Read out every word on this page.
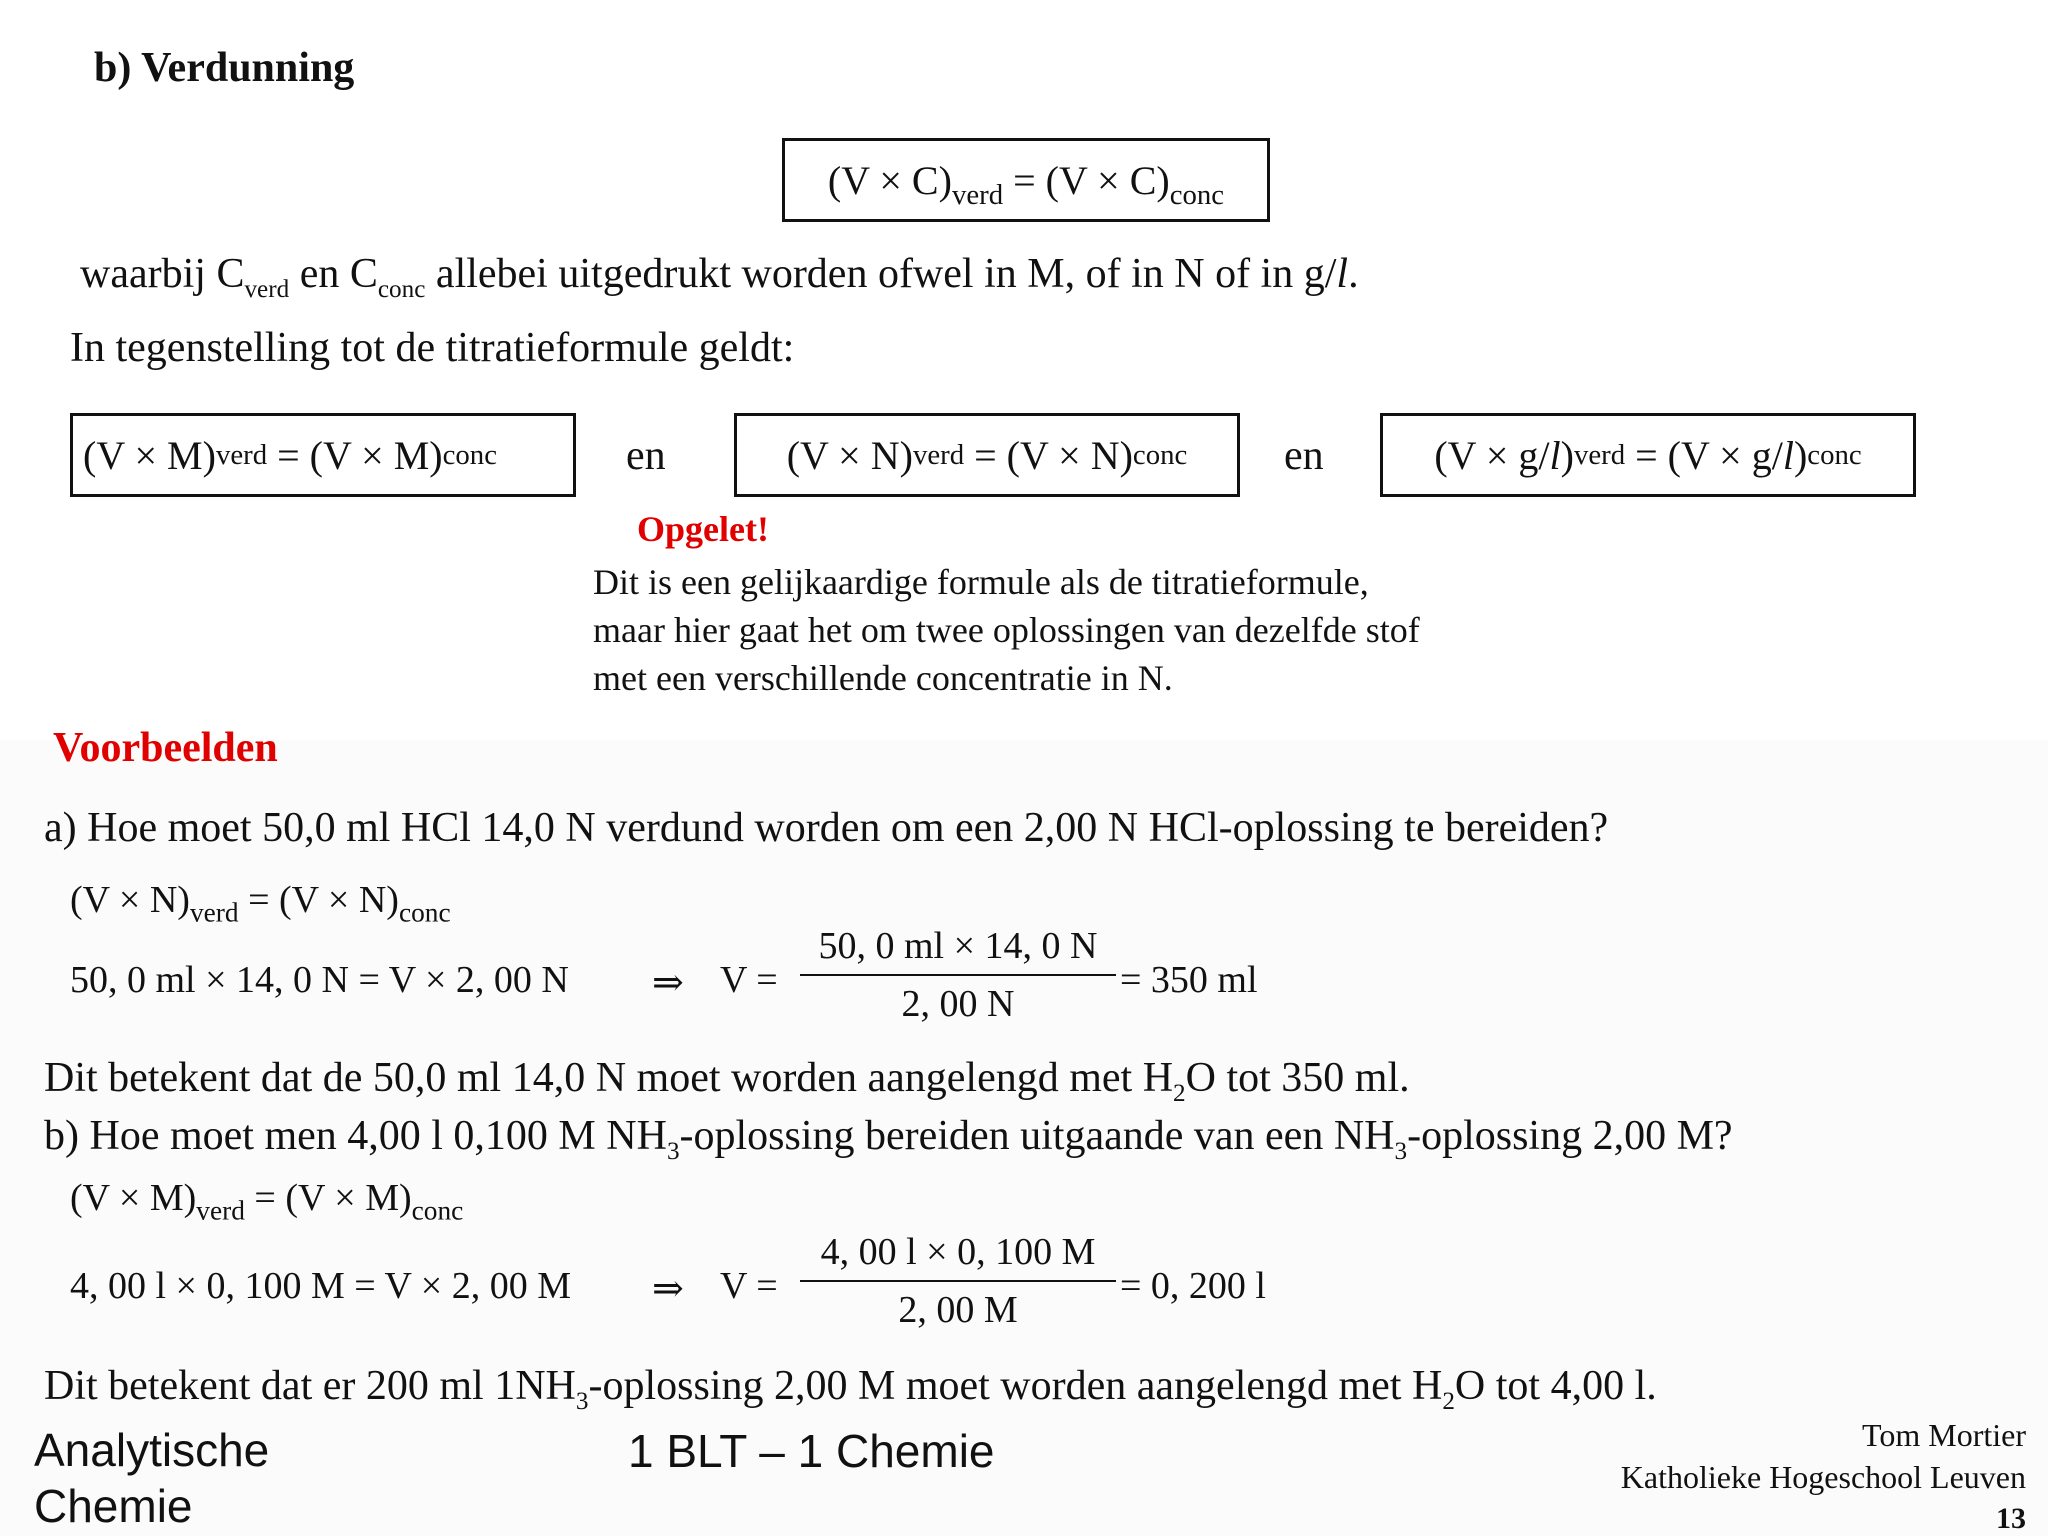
b) Verdunning
$(V \times C)_{verd} = (V \times C)_{conc}$
waarbij $C_{verd}$ en $C_{conc}$ allebei uitgedrukt worden ofwel in M, of in N of in g/l.
In tegenstelling tot de titratieformule geldt:
(V × M) verd = (V × M) conc	en	(V × N) verd = (V × N) conc en	(V × g/ l ) verd = (V × g/ l ) conc
Opgelet!
Dit is een gelijkaardige formule als de titratieformule,
maar hier gaat het om twee oplossingen van dezelfde stof
met een verschillende concentratie in N.
Voorbeelden
a) Hoe moet 50,0 ml HCl 14,0 N verdund worden om een 2,00 N HCl-oplossing te bereiden?
$(V \times N)_{verd} = (V \times N)_{conc}$
50, 0 ml × 14, 0 N = V × 2, 00 N ⇒ $V = \frac{50, 0 ml \times 14, 0 N}{2, 00 N} = 350$ ml
Dit betekent dat de 50,0 ml 14,0 N moet worden aangelengd met $H_2O$ tot 350 ml.
b) Hoe moet men 4,00 l 0,100 M $NH_3$-oplossing bereiden uitgaande van een $NH_3$-oplossing 2,00 M?
$(V \times M)_{verd} = (V \times M)_{conc}$
4, 00 l × 0, 100 M = V × 2, 00 M ⇒ $V = \frac{4, 00 l \times 0, 100 M}{2, 00 M} = 0$, 200 l
Dit betekent dat er 200 ml $1NH_3$-oplossing 2,00 M moet worden aangelengd met $H_2O$ tot 4,00 l.
Analytische
Chemie
1 BLT – 1 Chemie	Tom Mortier
Katholieke Hogeschool Leuven
13
